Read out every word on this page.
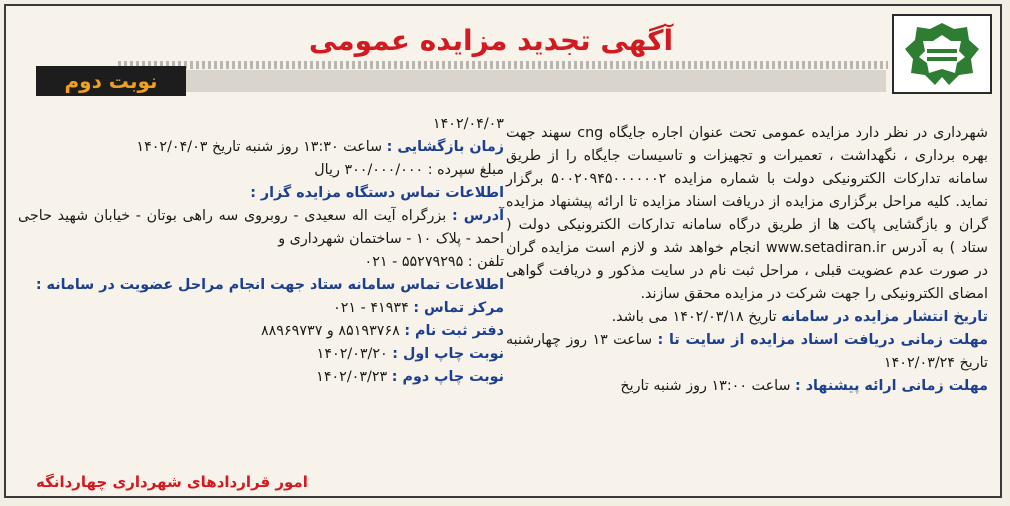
آگهی تجدید مزایده عمومی
نوبت دوم

شهرداری در نظر دارد مزایده عمومی تحت عنوان اجاره جایگاه cng سهند جهت بهره برداری ، نگهداشت ، تعمیرات و تجهیزات و تاسیسات جایگاه را از طریق سامانه تدارکات الکترونیکی دولت با شماره مزایده ۵۰۰۲۰۹۴۵۰۰۰۰۰۰۲ برگزار نماید. کلیه مراحل برگزاری مزایده از دریافت اسناد مزایده تا ارائه پیشنهاد مزایده گران و بازگشایی پاکت ها از طریق درگاه سامانه تدارکات الکترونیکی دولت ( ستاد ) به آدرس www.setadiran.ir انجام خواهد شد و لازم است مزایده گران در صورت عدم عضویت قبلی ، مراحل ثبت نام در سایت مذکور و دریافت گواهی امضای الکترونیکی را جهت شرکت در مزایده محقق سازند.

تاریخ انتشار مزایده در سامانه تاریخ ۱۴۰۲/۰۳/۱۸ می باشد.

مهلت زمانی دریافت اسناد مزایده از سایت تا : ساعت ۱۳ روز چهارشنبه تاریخ ۱۴۰۲/۰۳/۲۴

مهلت زمانی ارائه پیشنهاد : ساعت ۱۳:۰۰ روز شنبه تاریخ

۱۴۰۲/۰۴/۰۳

زمان بازگشایی : ساعت ۱۳:۳۰ روز شنبه تاریخ ۱۴۰۲/۰۴/۰۳

مبلغ سپرده : ۳۰۰/۰۰۰/۰۰۰ ریال

اطلاعات تماس دستگاه مزایده گزار :

آدرس : بزرگراه آیت اله سعیدی - روبروی سه راهی بوتان - خیابان شهید حاجی احمد - پلاک ۱۰ - ساختمان شهرداری و

تلفن : ۵۵۲۷۹۲۹۵ - ۰۲۱

اطلاعات تماس سامانه ستاد جهت انجام مراحل عضویت در سامانه :

مرکز تماس : ۴۱۹۳۴ - ۰۲۱

دفتر ثبت نام : ۸۵۱۹۳۷۶۸ و ۸۸۹۶۹۷۳۷

نوبت چاپ اول : ۱۴۰۲/۰۳/۲۰

نوبت چاپ دوم : ۱۴۰۲/۰۳/۲۳

امور قراردادهای شهرداری چهاردانگه
